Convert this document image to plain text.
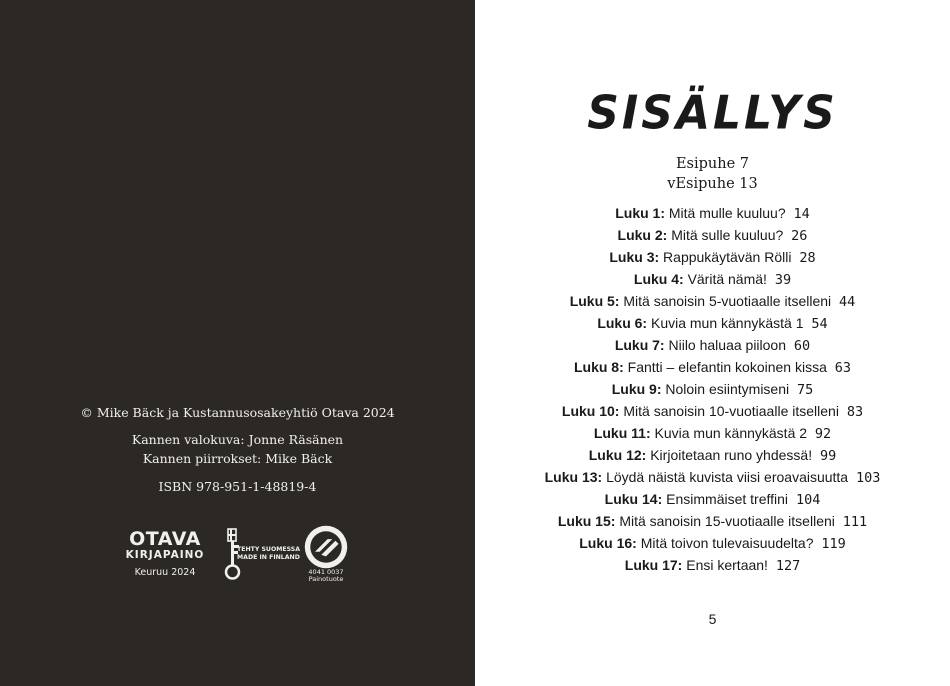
© Mike Bäck ja Kustannusosakeyhtiö Otava 2024
Kannen valokuva: Jonne Räsänen
Kannen piirrokset: Mike Bäck
ISBN 978-951-1-48819-4
OTAVA
KIRJAPAINO
Keuruu 2024
TEHTY SUOMESSA
MADE IN FINLAND
4041 0037
Painotuote
SISÄLLYS
Esipuhe 7
vEsipuhe 13
Luku 1: Mitä mulle kuuluu? 14
Luku 2: Mitä sulle kuuluu? 26
Luku 3: Rappukäytävän Rölli 28
Luku 4: Väritä nämä! 39
Luku 5: Mitä sanoisin 5-vuotiaalle itselleni 44
Luku 6: Kuvia mun kännykästä 1 54
Luku 7: Niilo haluaa piiloon 60
Luku 8: Fantti – elefantin kokoinen kissa 63
Luku 9: Noloin esiintymiseni 75
Luku 10: Mitä sanoisin 10-vuotiaalle itselleni 83
Luku 11: Kuvia mun kännykästä 2 92
Luku 12: Kirjoitetaan runo yhdessä! 99
Luku 13: Löydä näistä kuvista viisi eroavaisuutta 103
Luku 14: Ensimmäiset treffini 104
Luku 15: Mitä sanoisin 15-vuotiaalle itselleni 111
Luku 16: Mitä toivon tulevaisuudelta? 119
Luku 17: Ensi kertaan! 127
5
